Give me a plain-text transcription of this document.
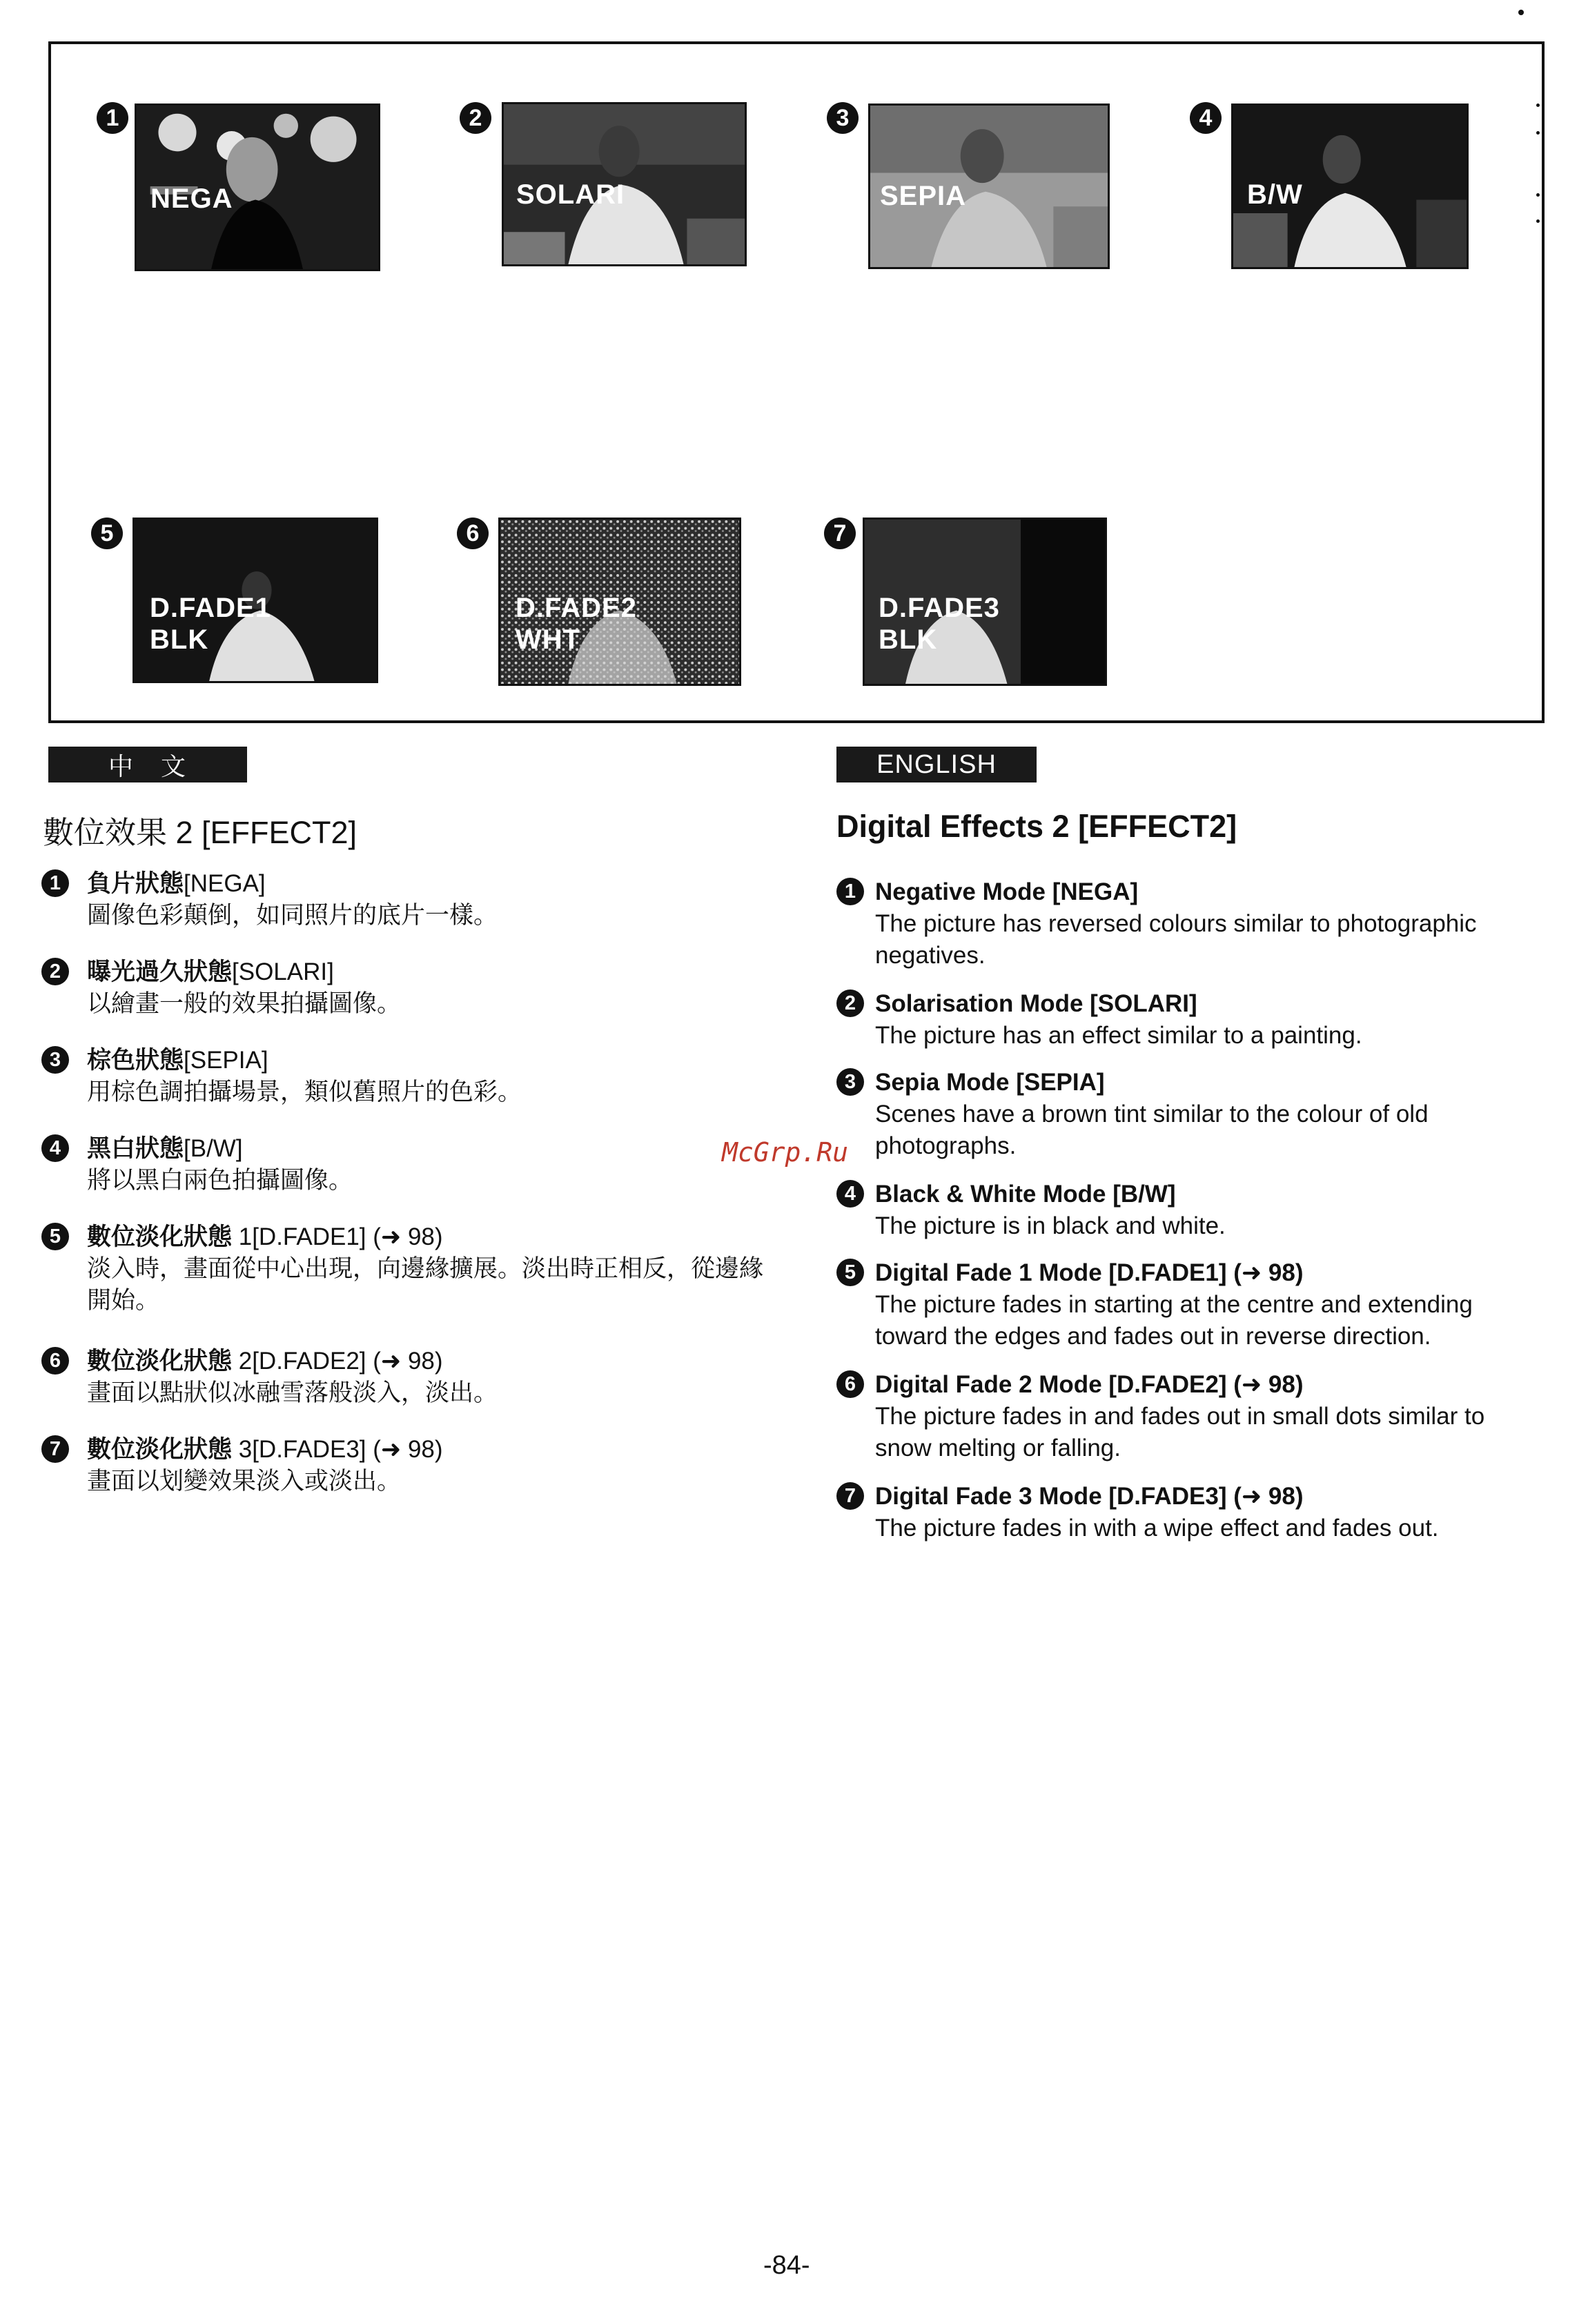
1
NEGA
2
SOLARI
3
SEPIA
4
B/W
5
D.FADE1
BLK
6
D.FADE2
WHT
7
D.FADE3
BLK
中　文
數位效果 2 [EFFECT2]
1	負片狀態[NEGA]
圖像色彩顛倒，如同照片的底片一樣。
2	曝光過久狀態[SOLARI]
以繪畫一般的效果拍攝圖像。
3	棕色狀態[SEPIA]
用棕色調拍攝場景，類似舊照片的色彩。
4	黑白狀態[B/W]
將以黑白兩色拍攝圖像。
5	數位淡化狀態 1[D.FADE1] (➜ 98)
淡入時，畫面從中心出現，向邊緣擴展。淡出時正相反，從邊緣開始。
6	數位淡化狀態 2[D.FADE2] (➜ 98)
畫面以點狀似冰融雪落般淡入，淡出。
7	數位淡化狀態 3[D.FADE3] (➜ 98)
畫面以划變效果淡入或淡出。
McGrp.Ru
ENGLISH
Digital Effects 2 [EFFECT2]
1 Negative Mode [NEGA]
The picture has reversed colours similar to photographic negatives.
2 Solarisation Mode [SOLARI]
The picture has an effect similar to a painting.
3 Sepia Mode [SEPIA]
Scenes have a brown tint similar to the colour of old photographs.
4 Black & White Mode [B/W]
The picture is in black and white.
5 Digital Fade 1 Mode [D.FADE1] (➜ 98)
The picture fades in starting at the centre and extending toward the edges and fades out in reverse direction.
6 Digital Fade 2 Mode [D.FADE2] (➜ 98)
The picture fades in and fades out in small dots similar to snow melting or falling.
7 Digital Fade 3 Mode [D.FADE3] (➜ 98)
The picture fades in with a wipe effect and fades out.
-84-
